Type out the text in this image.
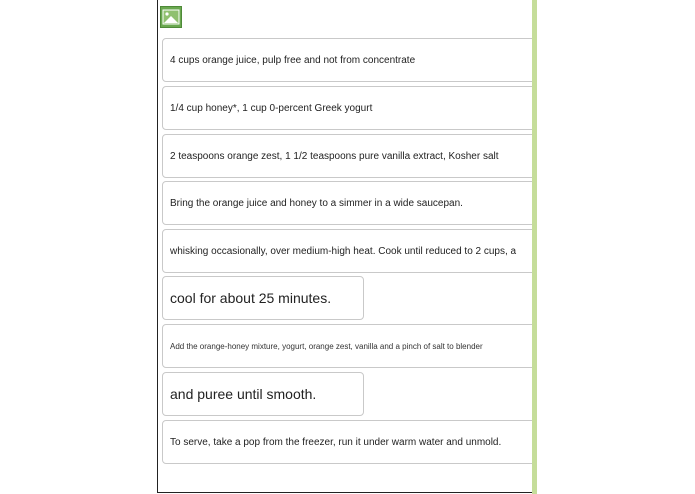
4 cups orange juice, pulp free and not from concentrate
1/4 cup honey*, 1 cup 0-percent Greek yogurt
2 teaspoons orange zest, 1 1/2 teaspoons pure vanilla extract, Kosher salt
Bring the orange juice and honey to a simmer in a wide saucepan.
whisking occasionally, over medium-high heat. Cook until reduced to 2 cups, a
cool for about 25 minutes.
Add the orange-honey mixture, yogurt, orange zest, vanilla and a pinch of salt to blender
and puree until smooth.
To serve, take a pop from the freezer, run it under warm water and unmold.
